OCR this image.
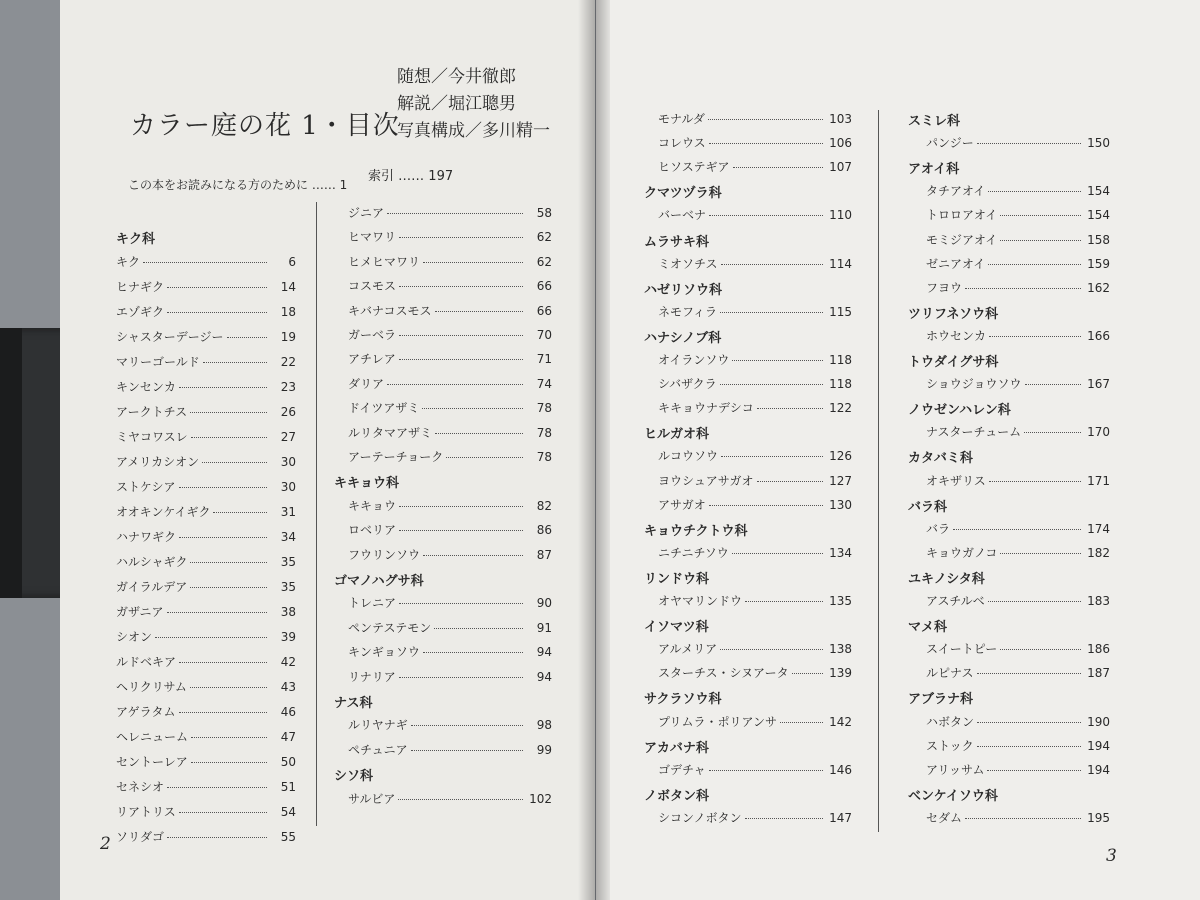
カラー庭の花 1・目次
随想／今井徹郎
解説／堀江聰男
写真構成／多川精一
この本をお読みになる方のために …… 1
索引 …… 197
キク科
キク	6
ヒナギク	14
エゾギク	18
シャスターデージー	19
マリーゴールド	22
キンセンカ	23
アークトチス	26
ミヤコワスレ	27
アメリカシオン	30
ストケシア	30
オオキンケイギク	31
ハナワギク	34
ハルシャギク	35
ガイラルデア	35
ガザニア	38
シオン	39
ルドベキア	42
ヘリクリサム	43
アゲラタム	46
ヘレニューム	47
セントーレア	50
セネシオ	51
リアトリス	54
ソリダゴ	55
ジニア	58
ヒマワリ	62
ヒメヒマワリ	62
コスモス	66
キバナコスモス	66
ガーベラ	70
アチレア	71
ダリア	74
ドイツアザミ	78
ルリタマアザミ	78
アーテーチョーク	78
キキョウ科
キキョウ	82
ロベリア	86
フウリンソウ	87
ゴマノハグサ科
トレニア	90
ペンテステモン	91
キンギョソウ	94
リナリア	94
ナス科
ルリヤナギ	98
ペチュニア	99
シソ科
サルビア	102
モナルダ	103
コレウス	106
ヒソステギア	107
クマツヅラ科
バーベナ	110
ムラサキ科
ミオソチス	114
ハゼリソウ科
ネモフィラ	115
ハナシノブ科
オイランソウ	118
シバザクラ	118
キキョウナデシコ	122
ヒルガオ科
ルコウソウ	126
ヨウシュアサガオ	127
アサガオ	130
キョウチクトウ科
ニチニチソウ	134
リンドウ科
オヤマリンドウ	135
イソマツ科
アルメリア	138
スターチス・シヌアータ	139
サクラソウ科
プリムラ・ポリアンサ	142
アカバナ科
ゴデチャ	146
ノボタン科
シコンノボタン	147
スミレ科
パンジー	150
アオイ科
タチアオイ	154
トロロアオイ	154
モミジアオイ	158
ゼニアオイ	159
フヨウ	162
ツリフネソウ科
ホウセンカ	166
トウダイグサ科
ショウジョウソウ	167
ノウゼンハレン科
ナスターチューム	170
カタバミ科
オキザリス	171
バラ科
バラ	174
キョウガノコ	182
ユキノシタ科
アスチルベ	183
マメ科
スイートピー	186
ルピナス	187
アブラナ科
ハボタン	190
ストック	194
アリッサム	194
ベンケイソウ科
セダム	195
2
3
